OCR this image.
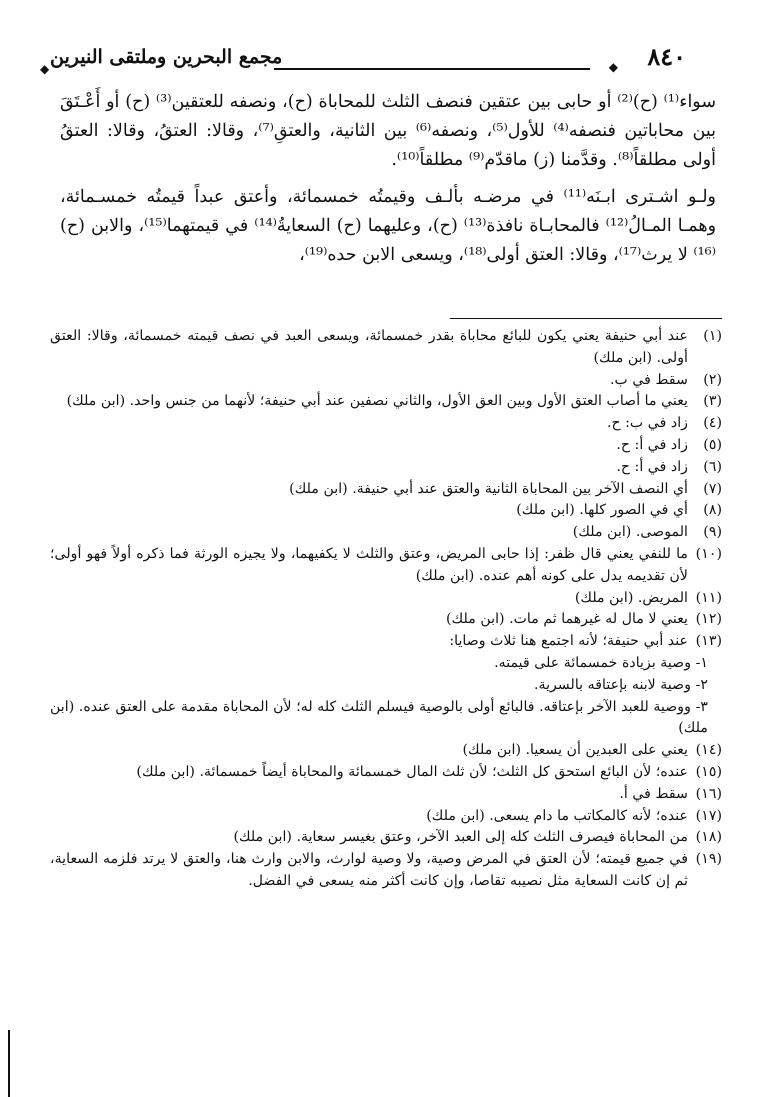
◆
مجمع البحرين وملتقى النيرين	◆ ٨٤٠

سواء⁽¹⁾ (ح)⁽²⁾ أو حابى بين عتقين فنصف الثلث للمحاباة (ح)، ونصفه للعتقين⁽³⁾ (ح) أو أَعْـتَقَ بين محاباتين فنصفه⁽⁴⁾ للأول⁽⁵⁾، ونصفه⁽⁶⁾ بين الثانية، والعتقِ⁽⁷⁾، وقالا: العتقُ، وقالا: العتقُ أولى مطلقاً⁽⁸⁾. وقدَّمنا (ز) ماقدّم⁽⁹⁾ مطلقاً⁽¹⁰⁾.

ولـو اشـترى ابـنَه⁽¹¹⁾ في مرضـه بألـف وقيمتُه خمسمائة، وأعتق عبداً قيمتُه خمسـمائة، وهمـا المـالُ⁽¹²⁾ فالمحابـاة نافذة⁽¹³⁾ (ح)، وعليهما (ح) السعايةُ⁽¹⁴⁾ في قيمتهما⁽¹⁵⁾، والابن (ح)⁽¹⁶⁾ لا يرث⁽¹⁷⁾، وقالا: العتق أولى⁽¹⁸⁾، ويسعى الابن حده⁽¹⁹⁾،

(١)عند أبي حنيفة يعني يكون للبائع محاباة بقدر خمسمائة، ويسعى العبد في نصف قيمته خمسمائة، وقالا: العتق أولى. (ابن ملك)

(٢)سقط في ب.

(٣)يعني ما أصاب العتق الأول وبين العق الأول، والثاني نصفين عند أبي حنيفة؛ لأنهما من جنس واحد. (ابن ملك)

(٤)زاد في ب: ح.

(٥)زاد في أ: ح.

(٦)زاد في أ: ح.

(٧)أي النصف الآخر بين المحاباة الثانية والعتق عند أبي حنيفة. (ابن ملك)

(٨)أي في الصور كلها. (ابن ملك)

(٩)الموصى. (ابن ملك)

(١٠)ما للنفي يعني قال ظفر: إذا حابى المريض، وعتق والثلث لا يكفيهما، ولا يجيزه الورثة فما ذكره أولاً فهو أولى؛ لأن تقديمه يدل على كونه أهم عنده. (ابن ملك)

(١١)المريض. (ابن ملك)

(١٢)يعني لا مال له غيرهما ثم مات. (ابن ملك)

(١٣)عند أبي حنيفة؛ لأنه اجتمع هنا ثلاث وصايا:

١- وصية بزيادة خمسمائة على قيمته.

٢- وصية لابنه بإعتاقه بالسرية.

٣- ووصية للعبد الآخر بإعتاقه. فالبائع أولى بالوصية فيسلم الثلث كله له؛ لأن المحاباة مقدمة على العتق عنده. (ابن ملك)

(١٤)يعني على العبدين أن يسعيا. (ابن ملك)

(١٥)عنده؛ لأن البائع استحق كل الثلث؛ لأن ثلث المال خمسمائة والمحاباة أيضاً خمسمائة. (ابن ملك)

(١٦)سقط في أ.

(١٧)عنده؛ لأنه كالمكاتب ما دام يسعى. (ابن ملك)

(١٨)من المحاباة فيصرف الثلث كله إلى العبد الآخر، وعتق بغيسر سعاية. (ابن ملك)

(١٩)في جميع قيمته؛ لأن العتق في المرض وصية، ولا وصية لوارث، والابن وارث هنا، والعتق لا يرتد فلزمه السعاية، ثم إن كانت السعاية مثل نصيبه تقاصا، وإن كانت أكثر منه يسعى في الفضل.
